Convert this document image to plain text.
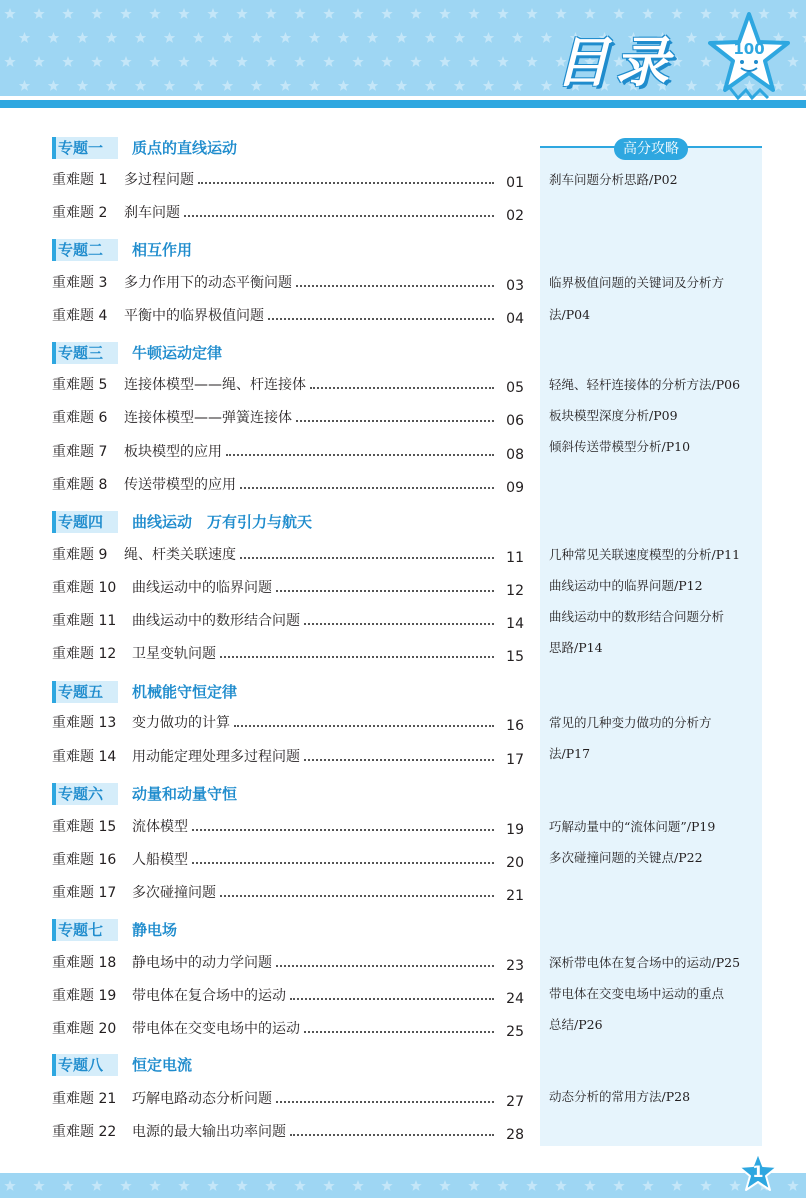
目录	100
高分攻略
专题一	质点的直线运动
专题二	相互作用
专题三	牛顿运动定律
专题四	曲线运动　万有引力与航天
专题五	机械能守恒定律
专题六	动量和动量守恒
专题七	静电场
专题八	恒定电流
重难题 1 多过程问题	01
重难题 2 刹车问题	02
重难题 3 多力作用下的动态平衡问题	03
重难题 4 平衡中的临界极值问题	04
重难题 5 连接体模型——绳、杆连接体	05
重难题 6 连接体模型——弹簧连接体	06
重难题 7 板块模型的应用	08
重难题 8 传送带模型的应用	09
重难题 9 绳、杆类关联速度	11
重难题 10 曲线运动中的临界问题	12
重难题 11 曲线运动中的数形结合问题	14
重难题 12 卫星变轨问题	15
重难题 13 变力做功的计算	16
重难题 14 用动能定理处理多过程问题	17
重难题 15 流体模型	19
重难题 16 人船模型	20
重难题 17 多次碰撞问题	21
重难题 18 静电场中的动力学问题	23
重难题 19 带电体在复合场中的运动	24
重难题 20 带电体在交变电场中的运动	25
重难题 21 巧解电路动态分析问题	27
重难题 22 电源的最大输出功率问题	28
刹车问题分析思路/P02
临界极值问题的关键词及分析方
法/P04
轻绳、轻杆连接体的分析方法/P06
板块模型深度分析/P09
倾斜传送带模型分析/P10
几种常见关联速度模型的分析/P11
曲线运动中的临界问题/P12
曲线运动中的数形结合问题分析
思路/P14
常见的几种变力做功的分析方
法/P17
巧解动量中的“流体问题”/P19
多次碰撞问题的关键点/P22
深析带电体在复合场中的运动/P25
带电体在交变电场中运动的重点
总结/P26
动态分析的常用方法/P28
1
